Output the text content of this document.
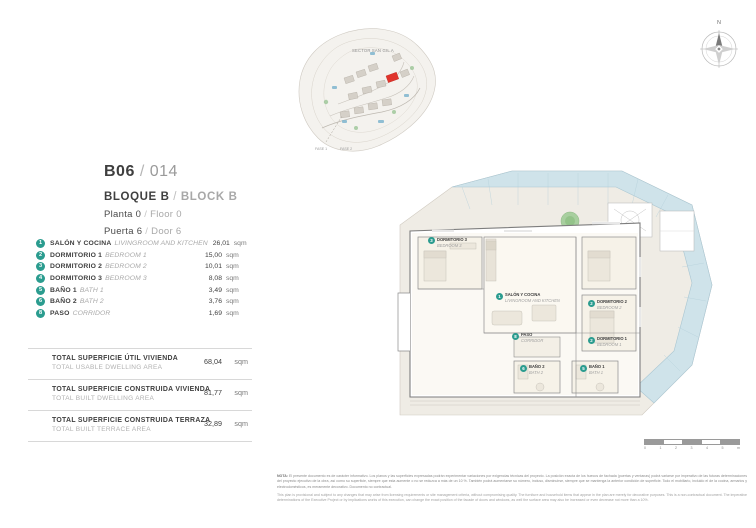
B06 / 014
BLOQUE B / BLOCK B
Planta 0 / Floor 0
Puerta 6 / Door 6
1	SALÓN Y COCINA LIVINGROOM AND KITCHEN 26,01 sqm
2	DORMITORIO 1 BEDROOM 1	15,00 sqm
3	DORMITORIO 2 BEDROOM 2	10,01 sqm
4	DORMITORIO 3 BEDROOM 3	8,08 sqm
5	BAÑO 1 BATH 1	3,49 sqm
6	BAÑO 2 BATH 2	3,76 sqm
8	PASO CORRIDOR	1,69 sqm
TOTAL SUPERFICIE ÚTIL VIVIENDA
TOTAL USABLE DWELLING AREA
68,04 sqm
TOTAL SUPERFICIE CONSTRUIDA VIVIENDA
TOTAL BUILT DWELLING AREA
81,77 sqm
TOTAL SUPERFICIE CONSTRUIDA TERRAZA
TOTAL BUILT TERRACE AREA
32,89 sqm
SECTOR SAN GIL A
FASE 1	FASE 2
N
3	DORMITORIO 3
BEDROOM 3
1	SALÓN Y COCINA
LIVINGROOM AND KITCHEN
2	DORMITORIO 2
BEDROOM 2
8	PASO
CORRIDOR	2	DORMITORIO 1
BEDROOM 1
6	BAÑO 2
BATH 2
5	BAÑO 1
BATH 1
0	1	2	3	4	5	m

NOTA: El presente documento es de carácter informativo. Los planos y las superficies expresadas podrán experimentar variaciones por exigencias técnicas del proyecto. La posición exacta de los huecos de fachada (puertas y ventanas) podrá variarse por imperativo de las futuras determinaciones del proyecto ejecutivo de la obra, así como su superficie, siempre que esta aumente o no se reduzca a más de un 10 %. También podrá aumentarse su número, incluso, disminuirse, siempre que se mantenga la anterior condición de superficie. Todo el mobiliario, incluido el de la cocina, armarios y electrodomésticos, es meramente decorativo. Documento no contractual.

This plan is provisional and subject to any changes that may arise from licensing requirements or site management criteria, without compromising quality. The furniture and household items that appear in the plan are merely for decorative purposes. This is a non-contractual document. The imperative determinations of the Executive Project or by implications works of this execution, can change the exact position of the facade of doors and windows, as well the surface area may also be increased or even decrease not more than a 10%.
